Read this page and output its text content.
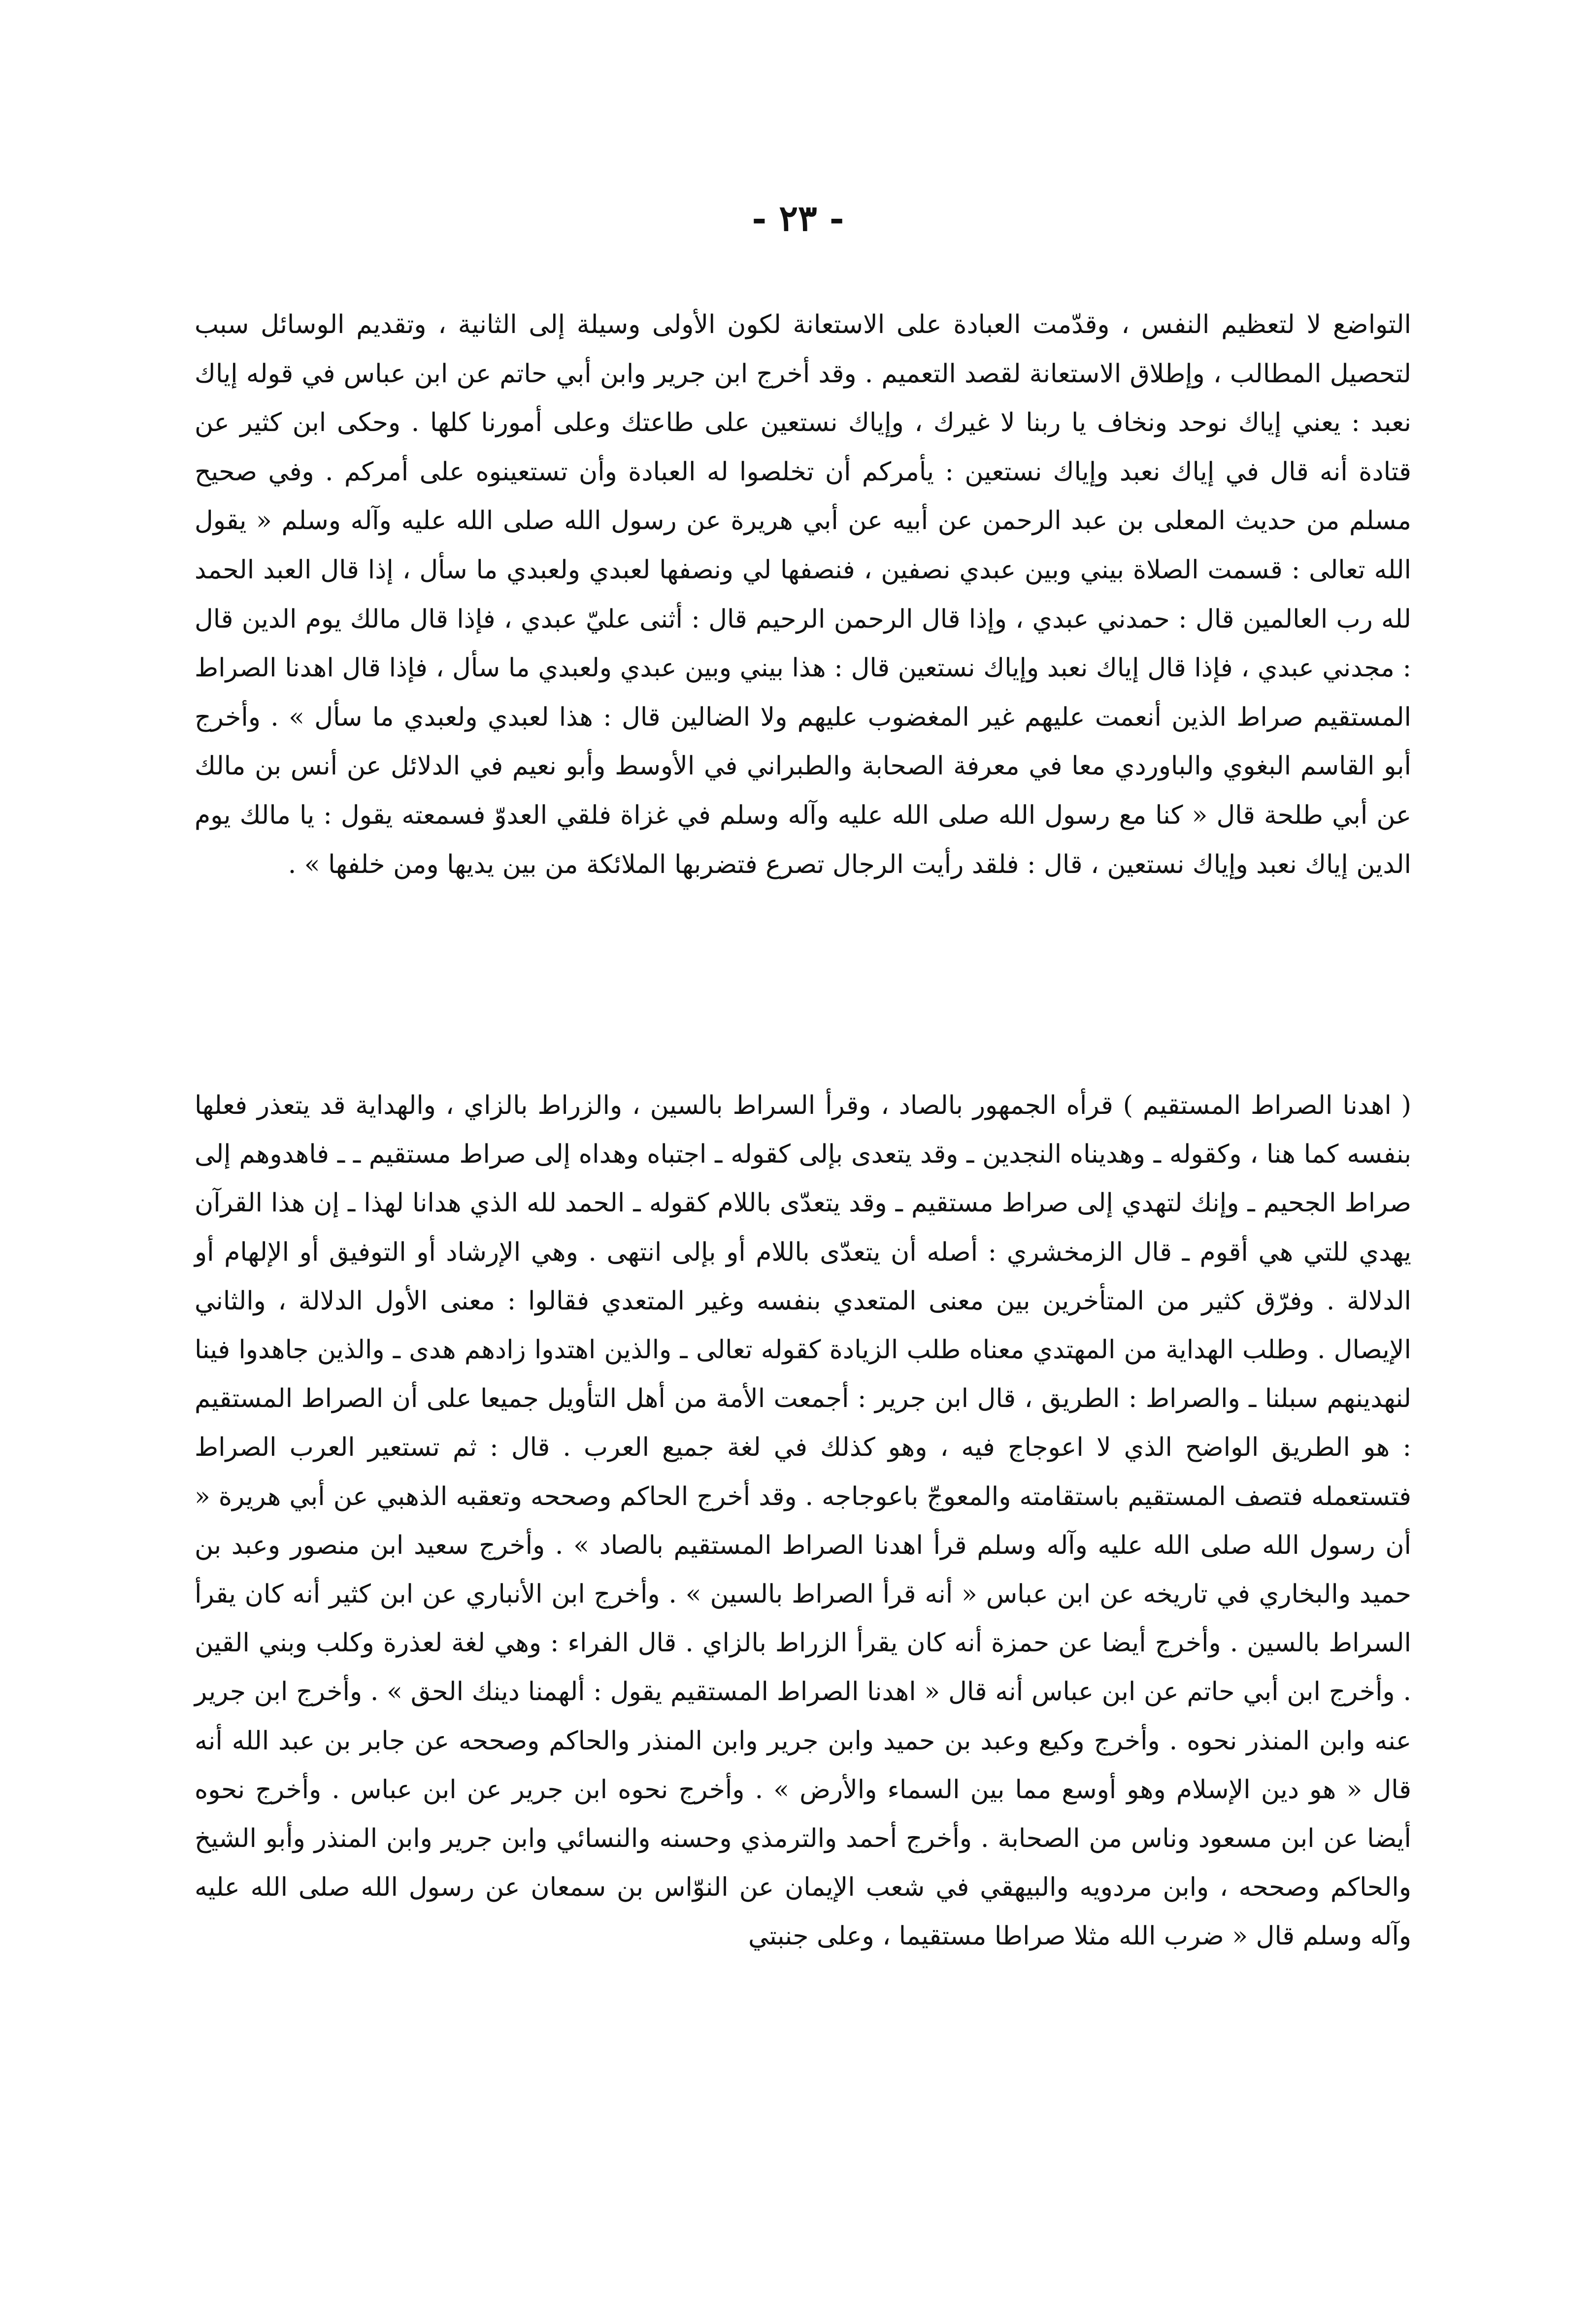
- ٢٣ -

التواضع لا لتعظيم النفس ، وقدّمت العبادة على الاستعانة لكون الأولى وسيلة إلى الثانية ، وتقديم الوسائل سبب لتحصيل المطالب ، وإطلاق الاستعانة لقصد التعميم . وقد أخرج ابن جرير وابن أبي حاتم عن ابن عباس في قوله إياك نعبد : يعني إياك نوحد ونخاف يا ربنا لا غيرك ، وإياك نستعين على طاعتك وعلى أمورنا كلها . وحكى ابن كثير عن قتادة أنه قال في إياك نعبد وإياك نستعين : يأمركم أن تخلصوا له العبادة وأن تستعينوه على أمركم . وفي صحيح مسلم من حديث المعلى بن عبد الرحمن عن أبيه عن أبي هريرة عن رسول الله صلى الله عليه وآله وسلم « يقول الله تعالى : قسمت الصلاة بيني وبين عبدي نصفين ، فنصفها لي ونصفها لعبدي ولعبدي ما سأل ، إذا قال العبد الحمد لله رب العالمين قال : حمدني عبدي ، وإذا قال الرحمن الرحيم قال : أثنى عليّ عبدي ، فإذا قال مالك يوم الدين قال : مجدني عبدي ، فإذا قال إياك نعبد وإياك نستعين قال : هذا بيني وبين عبدي ولعبدي ما سأل ، فإذا قال اهدنا الصراط المستقيم صراط الذين أنعمت عليهم غير المغضوب عليهم ولا الضالين قال : هذا لعبدي ولعبدي ما سأل » . وأخرج أبو القاسم البغوي والباوردي معا في معرفة الصحابة والطبراني في الأوسط وأبو نعيم في الدلائل عن أنس بن مالك عن أبي طلحة قال « كنا مع رسول الله صلى الله عليه وآله وسلم في غزاة فلقي العدوّ فسمعته يقول : يا مالك يوم الدين إياك نعبد وإياك نستعين ، قال : فلقد رأيت الرجال تصرع فتضربها الملائكة من بين يديها ومن خلفها » .

( اهدنا الصراط المستقيم ) قرأه الجمهور بالصاد ، وقرأ السراط بالسين ، والزراط بالزاي ، والهداية قد يتعذر فعلها بنفسه كما هنا ، وكقوله ـ وهديناه النجدين ـ وقد يتعدى بإلى كقوله ـ اجتباه وهداه إلى صراط مستقيم ـ ـ فاهدوهم إلى صراط الجحيم ـ وإنك لتهدي إلى صراط مستقيم ـ وقد يتعدّى باللام كقوله ـ الحمد لله الذي هدانا لهذا ـ إن هذا القرآن يهدي للتي هي أقوم ـ قال الزمخشري : أصله أن يتعدّى باللام أو بإلى انتهى . وهي الإرشاد أو التوفيق أو الإلهام أو الدلالة . وفرّق كثير من المتأخرين بين معنى المتعدي بنفسه وغير المتعدي فقالوا : معنى الأول الدلالة ، والثاني الإيصال . وطلب الهداية من المهتدي معناه طلب الزيادة كقوله تعالى ـ والذين اهتدوا زادهم هدى ـ والذين جاهدوا فينا لنهدينهم سبلنا ـ والصراط : الطريق ، قال ابن جرير : أجمعت الأمة من أهل التأويل جميعا على أن الصراط المستقيم : هو الطريق الواضح الذي لا اعوجاج فيه ، وهو كذلك في لغة جميع العرب . قال : ثم تستعير العرب الصراط فتستعمله فتصف المستقيم باستقامته والمعوجّ باعوجاجه . وقد أخرج الحاكم وصححه وتعقبه الذهبي عن أبي هريرة « أن رسول الله صلى الله عليه وآله وسلم قرأ اهدنا الصراط المستقيم بالصاد » . وأخرج سعيد ابن منصور وعبد بن حميد والبخاري في تاريخه عن ابن عباس « أنه قرأ الصراط بالسين » . وأخرج ابن الأنباري عن ابن كثير أنه كان يقرأ السراط بالسين . وأخرج أيضا عن حمزة أنه كان يقرأ الزراط بالزاي . قال الفراء : وهي لغة لعذرة وكلب وبني القين . وأخرج ابن أبي حاتم عن ابن عباس أنه قال « اهدنا الصراط المستقيم يقول : ألهمنا دينك الحق » . وأخرج ابن جرير عنه وابن المنذر نحوه . وأخرج وكيع وعبد بن حميد وابن جرير وابن المنذر والحاكم وصححه عن جابر بن عبد الله أنه قال « هو دين الإسلام وهو أوسع مما بين السماء والأرض » . وأخرج نحوه ابن جرير عن ابن عباس . وأخرج نحوه أيضا عن ابن مسعود وناس من الصحابة . وأخرج أحمد والترمذي وحسنه والنسائي وابن جرير وابن المنذر وأبو الشيخ والحاكم وصححه ، وابن مردويه والبيهقي في شعب الإيمان عن النوّاس بن سمعان عن رسول الله صلى الله عليه وآله وسلم قال « ضرب الله مثلا صراطا مستقيما ، وعلى جنبتي
